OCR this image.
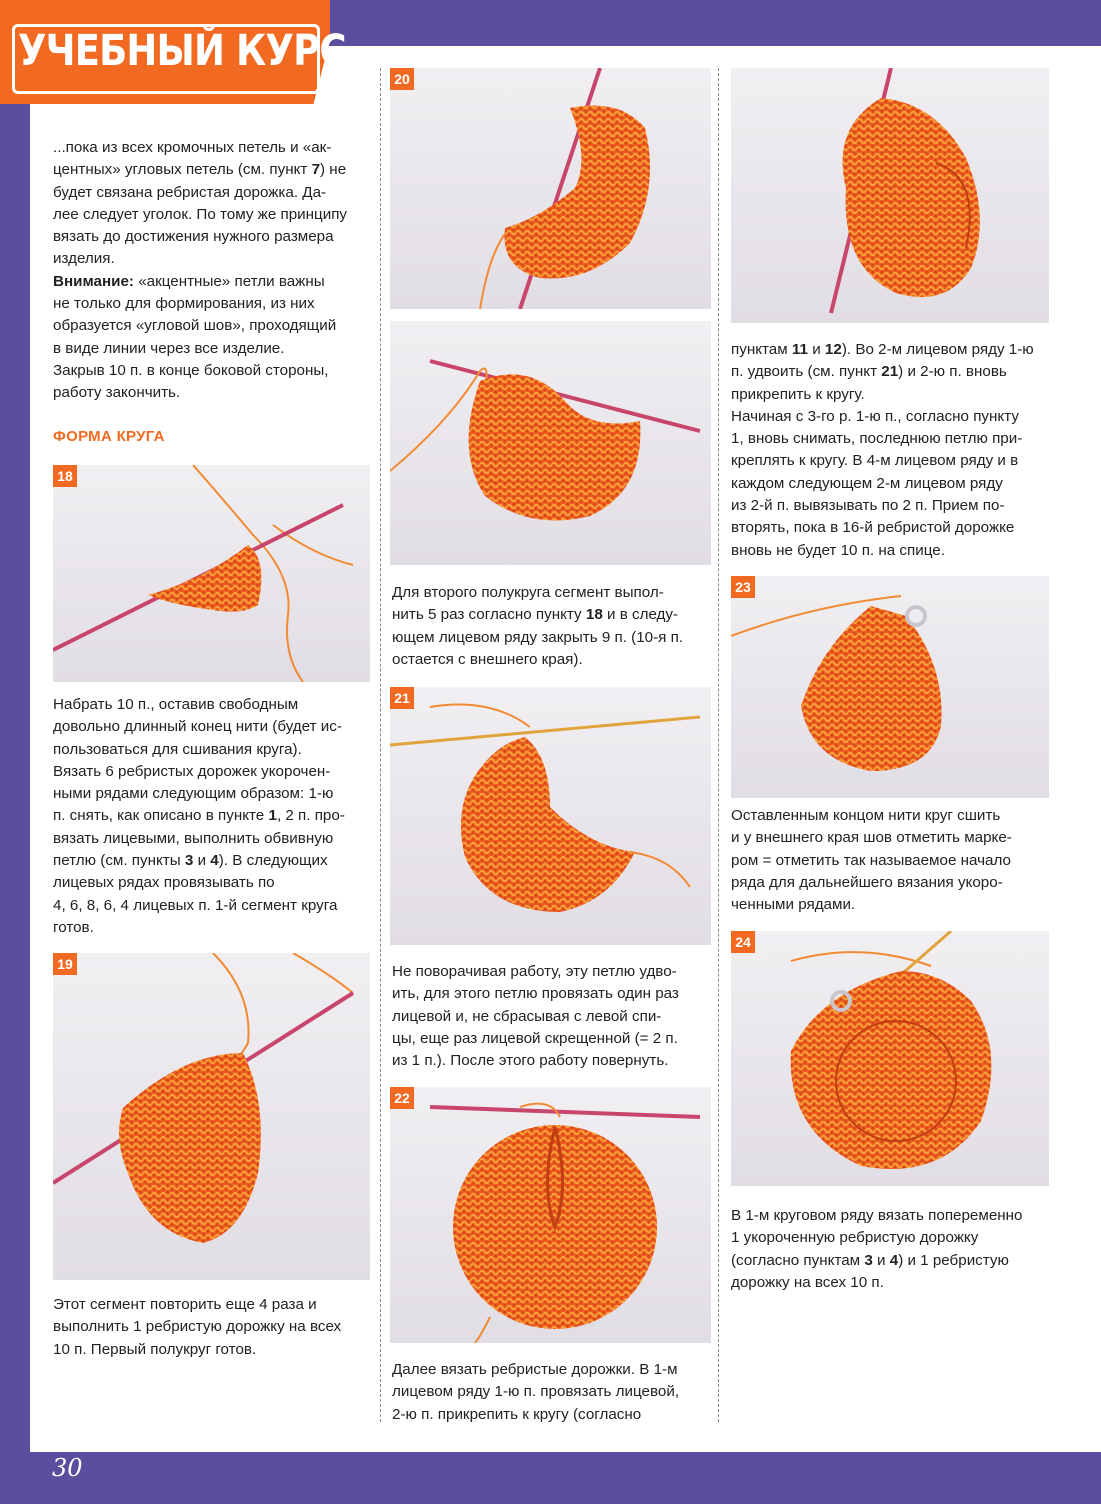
УЧЕБНЫЙ КУРС
...пока из всех кромочных петель и «ак-
центных» угловых петель (см. пункт 7) не
будет связана ребристая дорожка. Да-
лее следует уголок. По тому же принципу
вязать до достижения нужного размера
изделия.
Внимание: «акцентные» петли важны
не только для формирования, из них
образуется «угловой шов», проходящий
в виде линии через все изделие.
Закрыв 10 п. в конце боковой стороны,
работу закончить.
ФОРМА КРУГА
18
Набрать 10 п., оставив свободным
довольно длинный конец нити (будет ис-
пользоваться для сшивания круга).
Вязать 6 ребристых дорожек укорочен-
ными рядами следующим образом: 1-ю
п. снять, как описано в пункте 1, 2 п. про-
вязать лицевыми, выполнить обвивную
петлю (см. пункты 3 и 4). В следующих
лицевых рядах провязывать по
4, 6, 8, 6, 4 лицевых п. 1-й сегмент круга
готов.
19
Этот сегмент повторить еще 4 раза и
выполнить 1 ребристую дорожку на всех
10 п. Первый полукруг готов.
20
Для второго полукруга сегмент выпол-
нить 5 раз согласно пункту 18 и в следу-
ющем лицевом ряду закрыть 9 п. (10-я п.
остается с внешнего края).
21
Не поворачивая работу, эту петлю удво-
ить, для этого петлю провязать один раз
лицевой и, не сбрасывая с левой спи-
цы, еще раз лицевой скрещенной (= 2 п.
из 1 п.). После этого работу повернуть.
22
Далее вязать ребристые дорожки. В 1-м
лицевом ряду 1-ю п. провязать лицевой,
2-ю п. прикрепить к кругу (согласно
пунктам 11 и 12). Во 2-м лицевом ряду 1-ю
п. удвоить (см. пункт 21) и 2-ю п. вновь
прикрепить к кругу.
Начиная с 3-го р. 1-ю п., согласно пункту
1, вновь снимать, последнюю петлю при-
креплять к кругу. В 4-м лицевом ряду и в
каждом следующем 2-м лицевом ряду
из 2-й п. вывязывать по 2 п. Прием по-
вторять, пока в 16-й ребристой дорожке
вновь не будет 10 п. на спице.
23
Оставленным концом нити круг сшить
и у внешнего края шов отметить марке-
ром = отметить так называемое начало
ряда для дальнейшего вязания укоро-
ченными рядами.
24
В 1-м круговом ряду вязать попеременно
1 укороченную ребристую дорожку
(согласно пунктам 3 и 4) и 1 ребристую
дорожку на всех 10 п.
30
